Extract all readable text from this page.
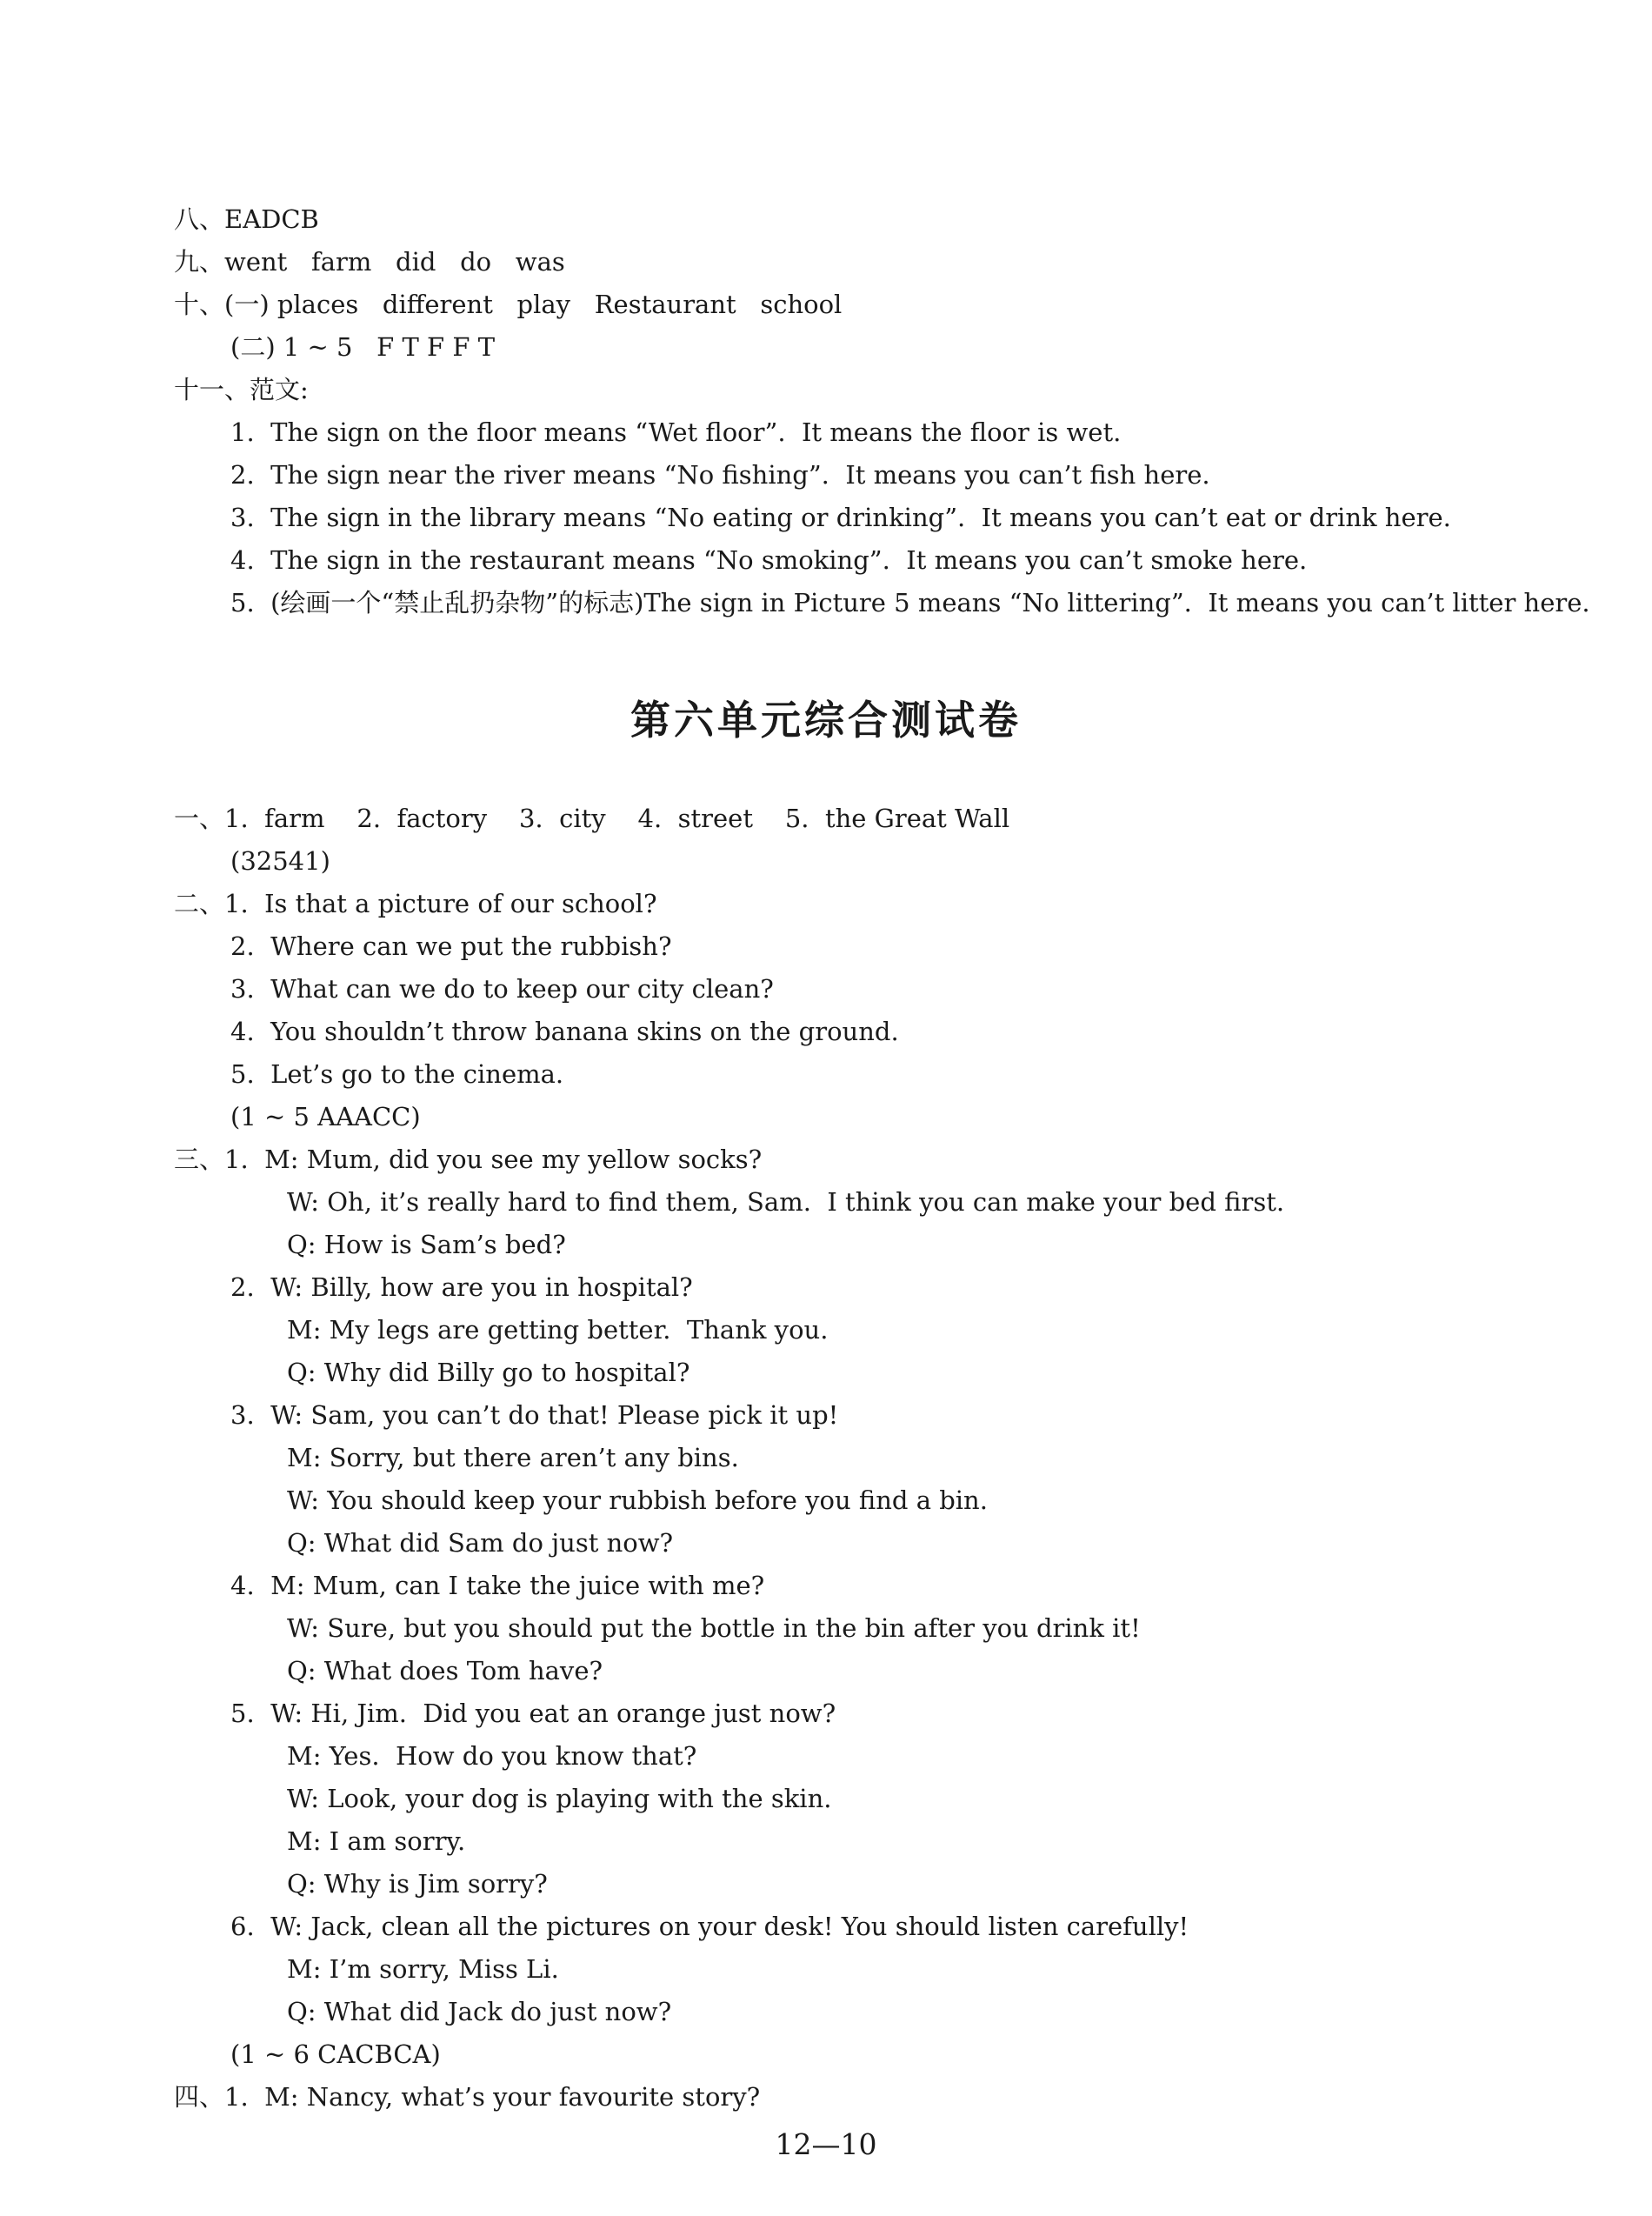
八、EADCB
九、went   farm   did   do   was
十、(一) places   different   play   Restaurant   school
(二) 1 ~ 5   F T F F T
十一、范文:
1.  The sign on the floor means “Wet floor”.  It means the floor is wet.
2.  The sign near the river means “No fishing”.  It means you can’t fish here.
3.  The sign in the library means “No eating or drinking”.  It means you can’t eat or drink here.
4.  The sign in the restaurant means “No smoking”.  It means you can’t smoke here.
5.  (绘画一个“禁止乱扔杂物”的标志)The sign in Picture 5 means “No littering”.  It means you can’t litter here.
第六单元综合测试卷
一、1.  farm    2.  factory    3.  city    4.  street    5.  the Great Wall
(32541)
二、1.  Is that a picture of our school?
2.  Where can we put the rubbish?
3.  What can we do to keep our city clean?
4.  You shouldn’t throw banana skins on the ground.
5.  Let’s go to the cinema.
(1 ~ 5 AAACC)
三、1.  M: Mum, did you see my yellow socks?
W: Oh, it’s really hard to find them, Sam.  I think you can make your bed first.
Q: How is Sam’s bed?
2.  W: Billy, how are you in hospital?
M: My legs are getting better.  Thank you.
Q: Why did Billy go to hospital?
3.  W: Sam, you can’t do that! Please pick it up!
M: Sorry, but there aren’t any bins.
W: You should keep your rubbish before you find a bin.
Q: What did Sam do just now?
4.  M: Mum, can I take the juice with me?
W: Sure, but you should put the bottle in the bin after you drink it!
Q: What does Tom have?
5.  W: Hi, Jim.  Did you eat an orange just now?
M: Yes.  How do you know that?
W: Look, your dog is playing with the skin.
M: I am sorry.
Q: Why is Jim sorry?
6.  W: Jack, clean all the pictures on your desk! You should listen carefully!
M: I’m sorry, Miss Li.
Q: What did Jack do just now?
(1 ~ 6 CACBCA)
四、1.  M: Nancy, what’s your favourite story?
12—10
